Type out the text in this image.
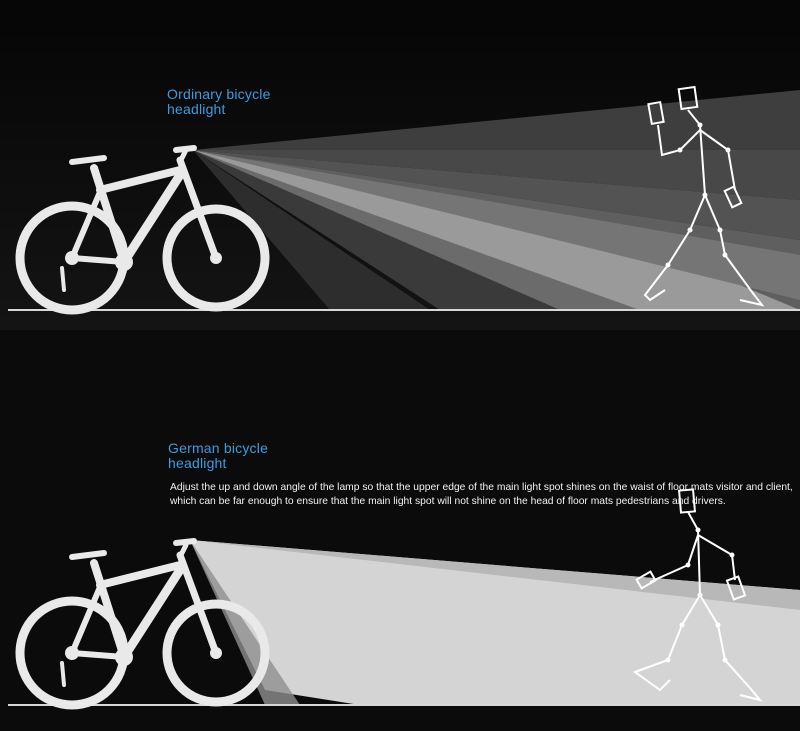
Ordinary bicycle
headlight
German bicycle
headlight
Adjust the up and down angle of the lamp so that the upper edge of the main light spot shines on the waist of floor mats visitor and client, which can be far enough to ensure that the main light spot will not shine on the head of floor mats pedestrians and drivers.
